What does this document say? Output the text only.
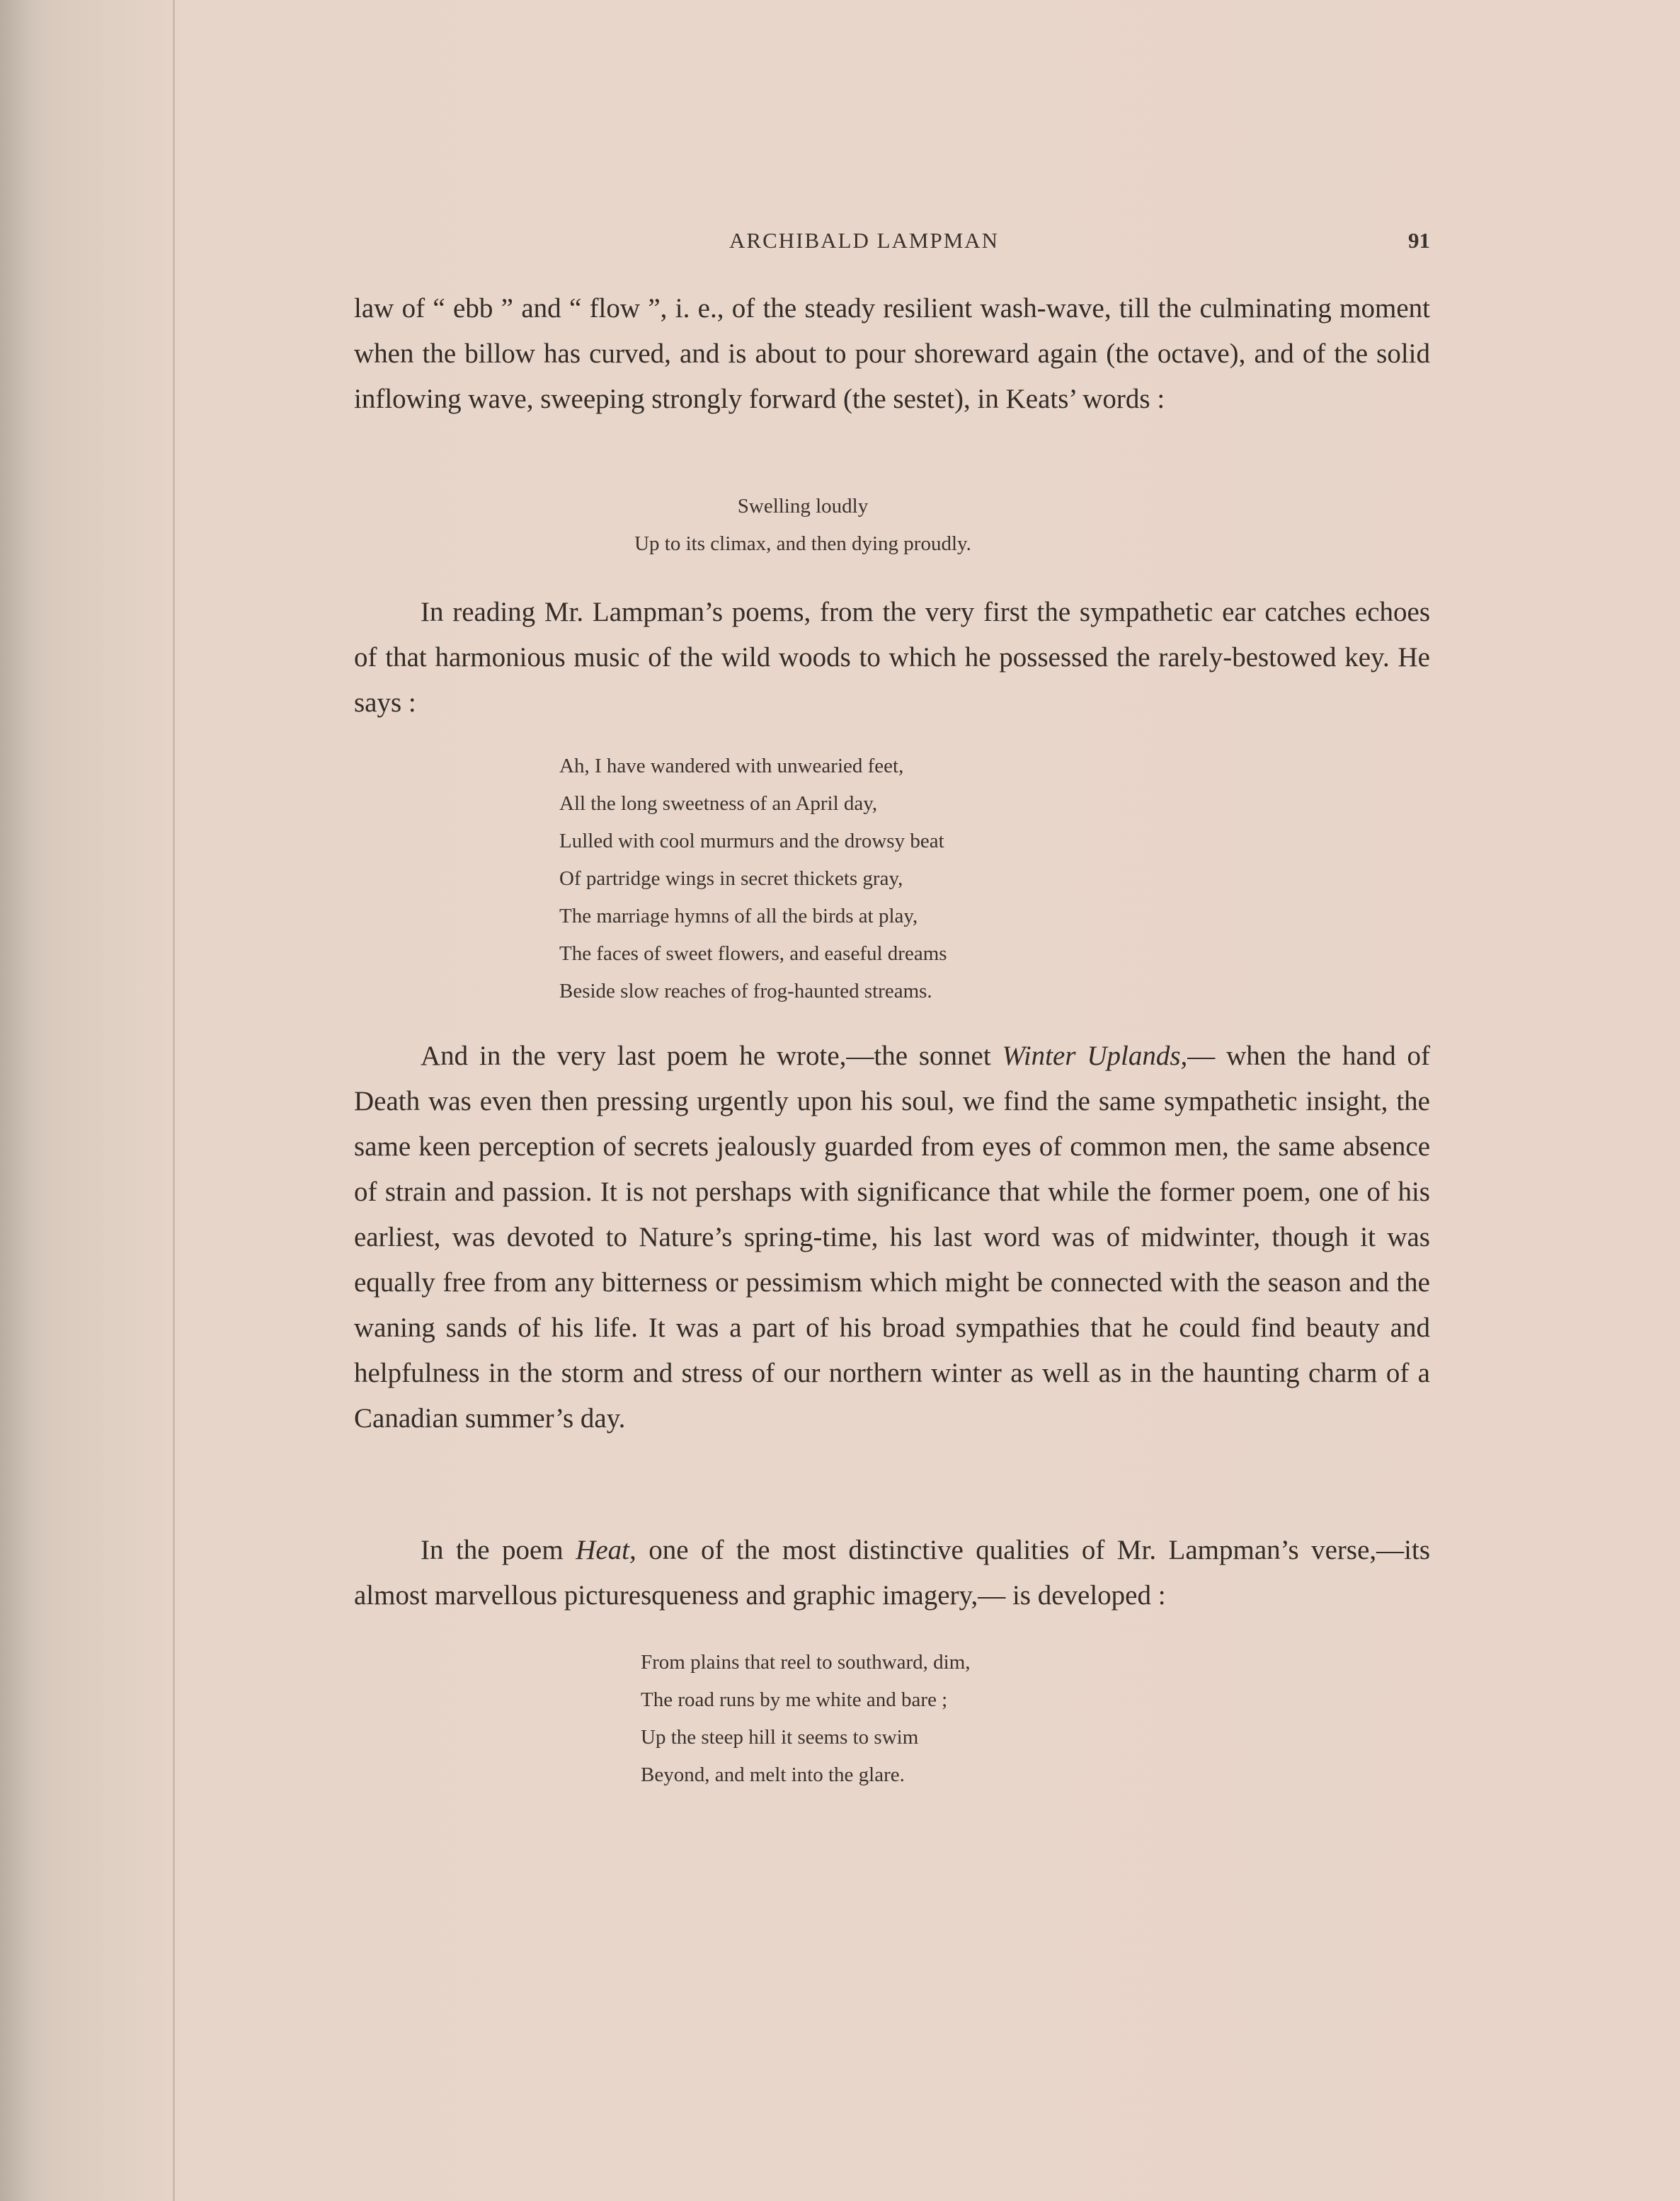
ARCHIBALD LAMPMAN	91
law of “ ebb ” and “ flow ”, i. e., of the steady resilient wash-wave, till the culminating moment when the billow has curved, and is about to pour shoreward again (the octave), and of the solid inflowing wave, sweeping strongly forward (the sestet), in Keats’ words :
Swelling loudly
Up to its climax, and then dying proudly.
In reading Mr. Lampman’s poems, from the very first the sympathetic ear catches echoes of that harmonious music of the wild woods to which he possessed the rarely-bestowed key. He says :
Ah, I have wandered with unwearied feet,
All the long sweetness of an April day,
Lulled with cool murmurs and the drowsy beat
Of partridge wings in secret thickets gray,
The marriage hymns of all the birds at play,
The faces of sweet flowers, and easeful dreams
Beside slow reaches of frog-haunted streams.
And in the very last poem he wrote,—the sonnet Winter Uplands,— when the hand of Death was even then pressing urgently upon his soul, we find the same sympathetic insight, the same keen perception of secrets jealously guarded from eyes of common men, the same absence of strain and passion. It is not pershaps with significance that while the former poem, one of his earliest, was devoted to Nature’s spring-time, his last word was of midwinter, though it was equally free from any bitterness or pessimism which might be connected with the season and the waning sands of his life. It was a part of his broad sympathies that he could find beauty and helpfulness in the storm and stress of our northern winter as well as in the haunting charm of a Canadian summer’s day.
In the poem Heat, one of the most distinctive qualities of Mr. Lampman’s verse,—its almost marvellous picturesqueness and graphic imagery,— is developed :
From plains that reel to southward, dim,
The road runs by me white and bare ;
Up the steep hill it seems to swim
Beyond, and melt into the glare.
